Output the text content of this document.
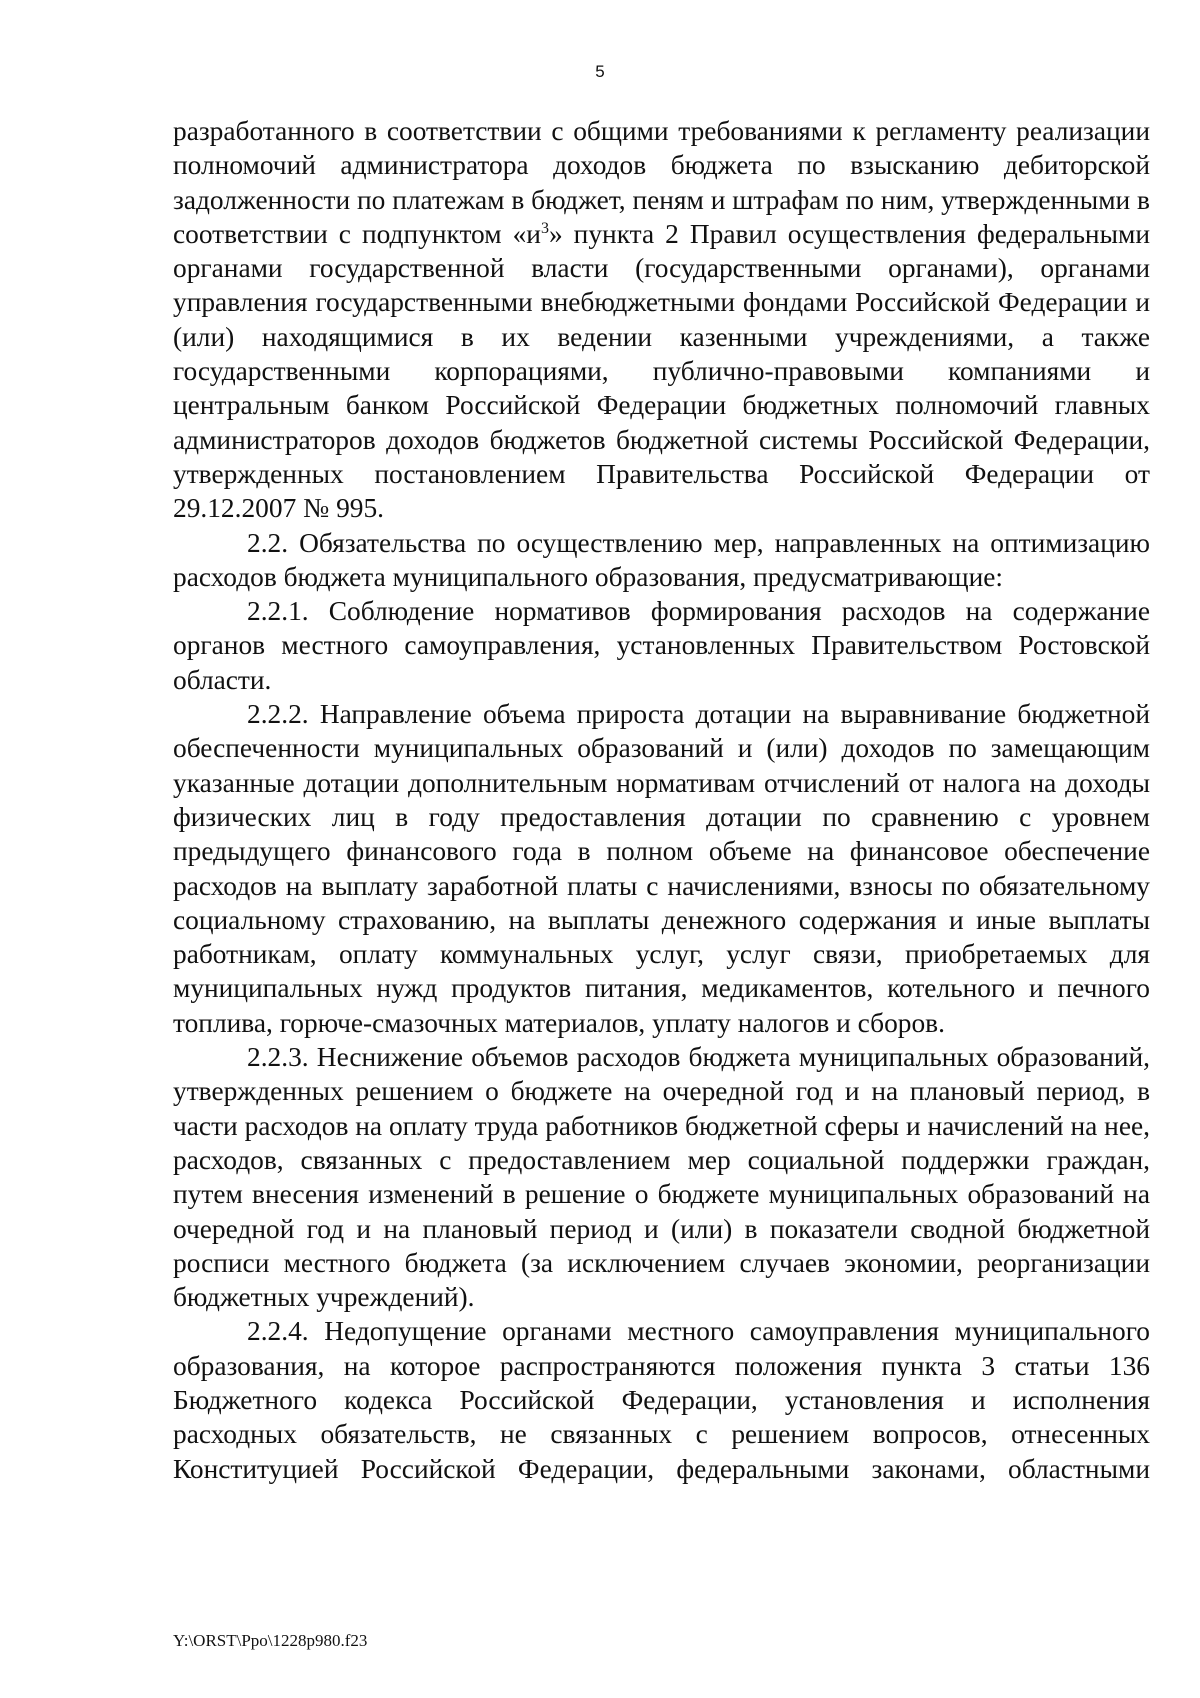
5

разработанного в соответствии с общими требованиями к регламенту реализации полномочий администратора доходов бюджета по взысканию дебиторской задолженности по платежам в бюджет, пеням и штрафам по ним, утвержденными в соответствии с подпунктом «$и^3$» пункта 2 Правил осуществления федеральными органами государственной власти (государственными органами), органами управления государственными внебюджетными фондами Российской Федерации и (или) находящимися в их ведении казенными учреждениями, а также государственными корпорациями, публично-правовыми компаниями и центральным банком Российской Федерации бюджетных полномочий главных администраторов доходов бюджетов бюджетной системы Российской Федерации, утвержденных постановлением Правительства Российской Федерации от 29.12.2007 № 995.

2.2. Обязательства по осуществлению мер, направленных на оптимизацию расходов бюджета муниципального образования, предусматривающие:

2.2.1. Соблюдение нормативов формирования расходов на содержание органов местного самоуправления, установленных Правительством Ростовской области.

2.2.2. Направление объема прироста дотации на выравнивание бюджетной обеспеченности муниципальных образований и (или) доходов по замещающим указанные дотации дополнительным нормативам отчислений от налога на доходы физических лиц в году предоставления дотации по сравнению с уровнем предыдущего финансового года в полном объеме на финансовое обеспечение расходов на выплату заработной платы с начислениями, взносы по обязательному социальному страхованию, на выплаты денежного содержания и иные выплаты работникам, оплату коммунальных услуг, услуг связи, приобретаемых для муниципальных нужд продуктов питания, медикаментов, котельного и печного топлива, горюче-смазочных материалов, уплату налогов и сборов.

2.2.3. Неснижение объемов расходов бюджета муниципальных образований, утвержденных решением о бюджете на очередной год и на плановый период, в части расходов на оплату труда работников бюджетной сферы и начислений на нее, расходов, связанных с предоставлением мер социальной поддержки граждан, путем внесения изменений в решение о бюджете муниципальных образований на очередной год и на плановый период и (или) в показатели сводной бюджетной росписи местного бюджета (за исключением случаев экономии, реорганизации бюджетных учреждений).

2.2.4. Недопущение органами местного самоуправления муниципального образования, на которое распространяются положения пункта 3 статьи 136 Бюджетного кодекса Российской Федерации, установления и исполнения расходных обязательств, не связанных с решением вопросов, отнесенных Конституцией Российской Федерации, федеральными законами, областными

Y:\ORST\Ppo\1228p980.f23
